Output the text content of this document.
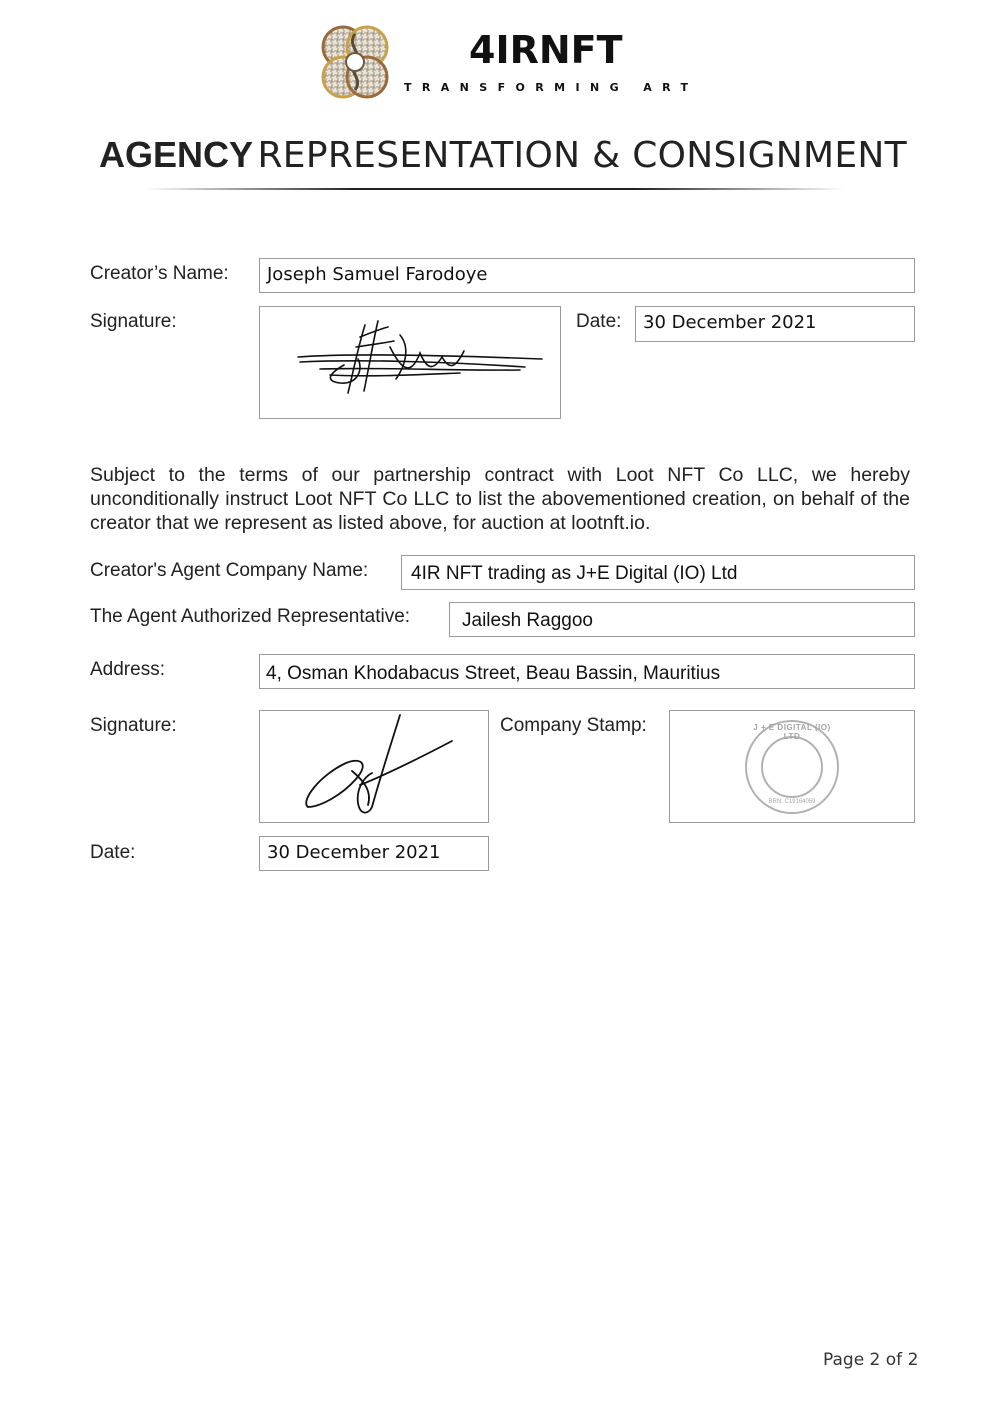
4IRNFT
TRANSFORMING ART
AGENCY REPRESENTATION & CONSIGNMENT
Creator’s Name: Joseph Samuel Farodoye
Signature:	Date: 30 December 2021
Subject to the terms of our partnership contract with Loot NFT Co LLC, we hereby unconditionally instruct Loot NFT Co LLC to list the abovementioned creation, on behalf of the creator that we represent as listed above, for auction at lootnft.io.
Creator's Agent Company Name: 4IR NFT trading as J+E Digital (IO) Ltd
The Agent Authorized Representative:	Jailesh Raggoo
Address:	4, Osman Khodabacus Street, Beau Bassin, Mauritius
Signature:	Company Stamp:	J + E DIGITAL (IO) LTD
BRN: C19164059
Date:	30 December 2021
Page 2 of 2
